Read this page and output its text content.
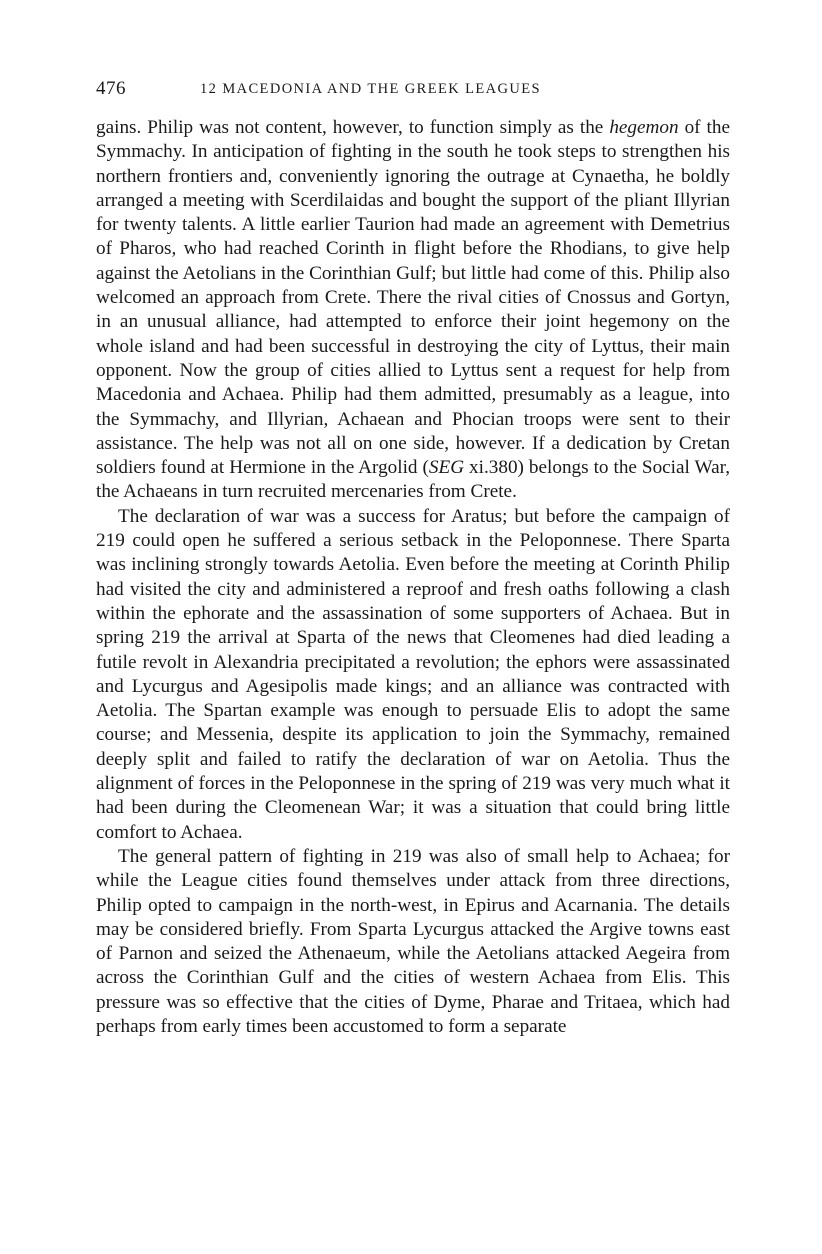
476	12 MACEDONIA AND THE GREEK LEAGUES

gains. Philip was not content, however, to function simply as the hegemon of the Symmachy. In anticipation of fighting in the south he took steps to strengthen his northern frontiers and, conveniently ignoring the outrage at Cynaetha, he boldly arranged a meeting with Scerdilaidas and bought the support of the pliant Illyrian for twenty talents. A little earlier Taurion had made an agreement with Demetrius of Pharos, who had reached Corinth in flight before the Rhodians, to give help against the Aetolians in the Corinthian Gulf; but little had come of this. Philip also welcomed an approach from Crete. There the rival cities of Cnossus and Gortyn, in an unusual alliance, had attempted to enforce their joint hegemony on the whole island and had been successful in destroying the city of Lyttus, their main opponent. Now the group of cities allied to Lyttus sent a request for help from Macedonia and Achaea. Philip had them admitted, presumably as a league, into the Symmachy, and Illyrian, Achaean and Phocian troops were sent to their assistance. The help was not all on one side, however. If a dedication by Cretan soldiers found at Hermione in the Argolid (SEG xi.380) belongs to the Social War, the Achaeans in turn recruited mercenaries from Crete.

The declaration of war was a success for Aratus; but before the campaign of 219 could open he suffered a serious setback in the Peloponnese. There Sparta was inclining strongly towards Aetolia. Even before the meeting at Corinth Philip had visited the city and administered a reproof and fresh oaths following a clash within the ephorate and the assassination of some supporters of Achaea. But in spring 219 the arrival at Sparta of the news that Cleomenes had died leading a futile revolt in Alexandria precipitated a revolution; the ephors were assassinated and Lycurgus and Agesipolis made kings; and an alliance was contracted with Aetolia. The Spartan example was enough to persuade Elis to adopt the same course; and Messenia, despite its application to join the Symmachy, remained deeply split and failed to ratify the declaration of war on Aetolia. Thus the alignment of forces in the Peloponnese in the spring of 219 was very much what it had been during the Cleomenean War; it was a situation that could bring little comfort to Achaea.

The general pattern of fighting in 219 was also of small help to Achaea; for while the League cities found themselves under attack from three directions, Philip opted to campaign in the north-west, in Epirus and Acarnania. The details may be considered briefly. From Sparta Lycurgus attacked the Argive towns east of Parnon and seized the Athenaeum, while the Aetolians attacked Aegeira from across the Corinthian Gulf and the cities of western Achaea from Elis. This pressure was so effective that the cities of Dyme, Pharae and Tritaea, which had perhaps from early times been accustomed to form a separate
